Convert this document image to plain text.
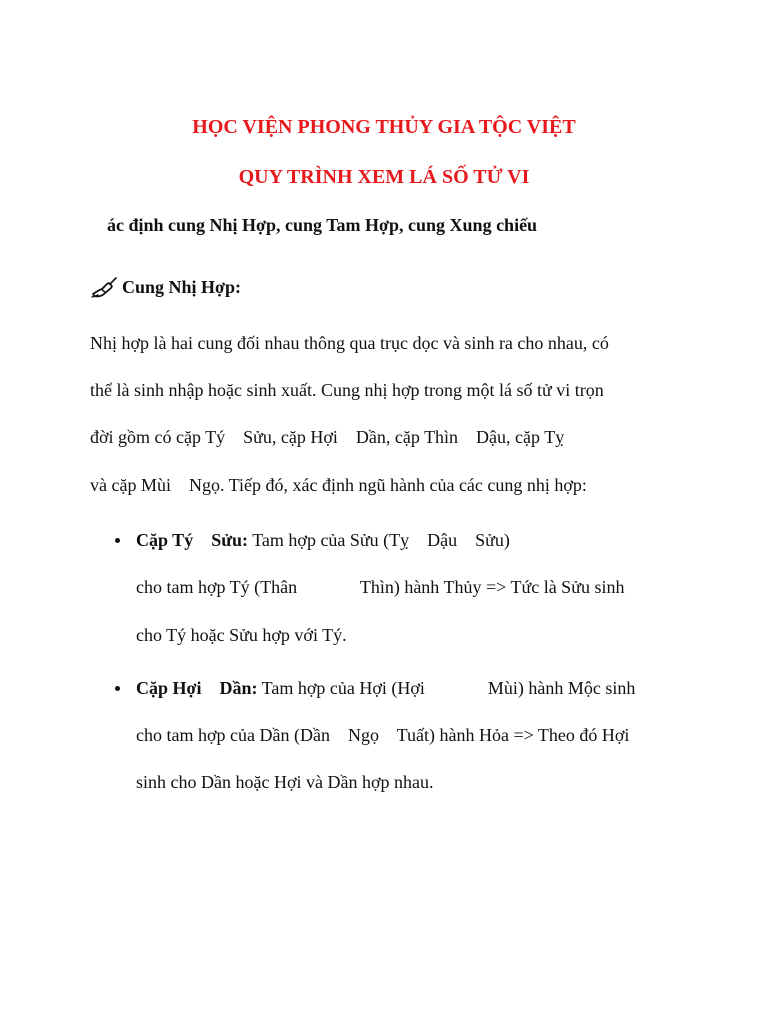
HỌC VIỆN PHONG THỦY GIA TỘC VIỆT
QUY TRÌNH XEM LÁ SỐ TỬ VI
ác định cung Nhị Hợp, cung Tam Hợp, cung Xung chiếu
Cung Nhị Hợp:
Nhị hợp là hai cung đối nhau thông qua trục dọc và sinh ra cho nhau, có
thể là sinh nhập hoặc sinh xuất. Cung nhị hợp trong một lá số tử vi trọn
đời gồm có cặp Tý    Sửu, cặp Hợi    Dần, cặp Thìn    Dậu, cặp Tỵ
và cặp Mùi    Ngọ. Tiếp đó, xác định ngũ hành của các cung nhị hợp:
Cặp Tý    Sửu: Tam hợp của Sửu (Tỵ    Dậu    Sửu)
cho tam hợp Tý (Thân              Thìn) hành Thủy => Tức là Sửu sinh
cho Tý hoặc Sửu hợp với Tý.
Cặp Hợi    Dần: Tam hợp của Hợi (Hợi              Mùi) hành Mộc sinh
cho tam hợp của Dần (Dần    Ngọ    Tuất) hành Hỏa => Theo đó Hợi
sinh cho Dần hoặc Hợi và Dần hợp nhau.
